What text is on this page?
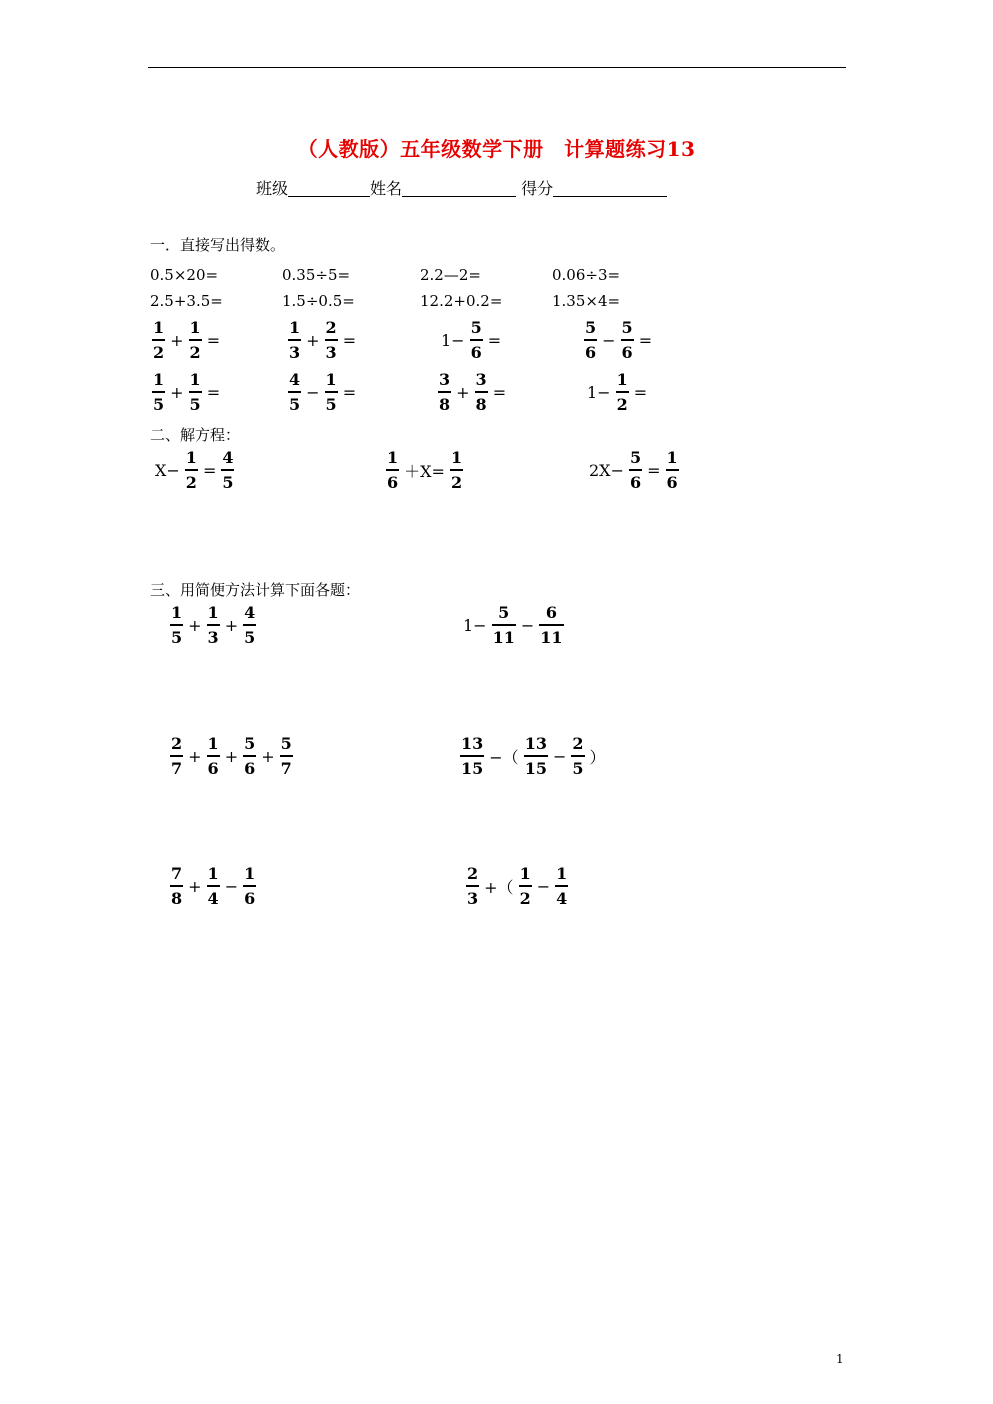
（人教版）五年级数学下册　计算题练习13
班级	姓名	得分
一．直接写出得数。
0.5×20=	0.35÷5=	2.2—2=	0.06÷3=
2.5+3.5=	1.5÷0.5=	12.2+0.2=	1.35×4=
$\frac{1}{2} + \frac{1}{2}$ =	$\frac{1}{3} + \frac{2}{3}$ =	$1- \frac{5}{6}$ =	$\frac{5}{6} - \frac{5}{6}$ =
$\frac{1}{5} + \frac{1}{5}$ =	$\frac{4}{5} - \frac{1}{5}$ =	$\frac{3}{8} + \frac{3}{8}$ =	$1- \frac{1}{2}$ =
二、解方程：
$X- \frac{1}{2} = \frac{4}{5}$	$\frac{1}{6} +X= \frac{1}{2}$	$2X- \frac{5}{6} = \frac{1}{6}$
三、用简便方法计算下面各题：
$\frac{1}{5} + \frac{1}{3} + \frac{4}{5}$	$1- \frac{5}{11} - \frac{6}{11}$
$\frac{2}{7} + \frac{1}{6} + \frac{5}{6} + \frac{5}{7}$	$\frac{13}{15}$ −（ $\frac{13}{15} - \frac{2}{5}$ ）
$\frac{7}{8} + \frac{1}{4} - \frac{1}{6}$	$\frac{2}{3}$ +（ $\frac{1}{2} - \frac{1}{4}$
1
